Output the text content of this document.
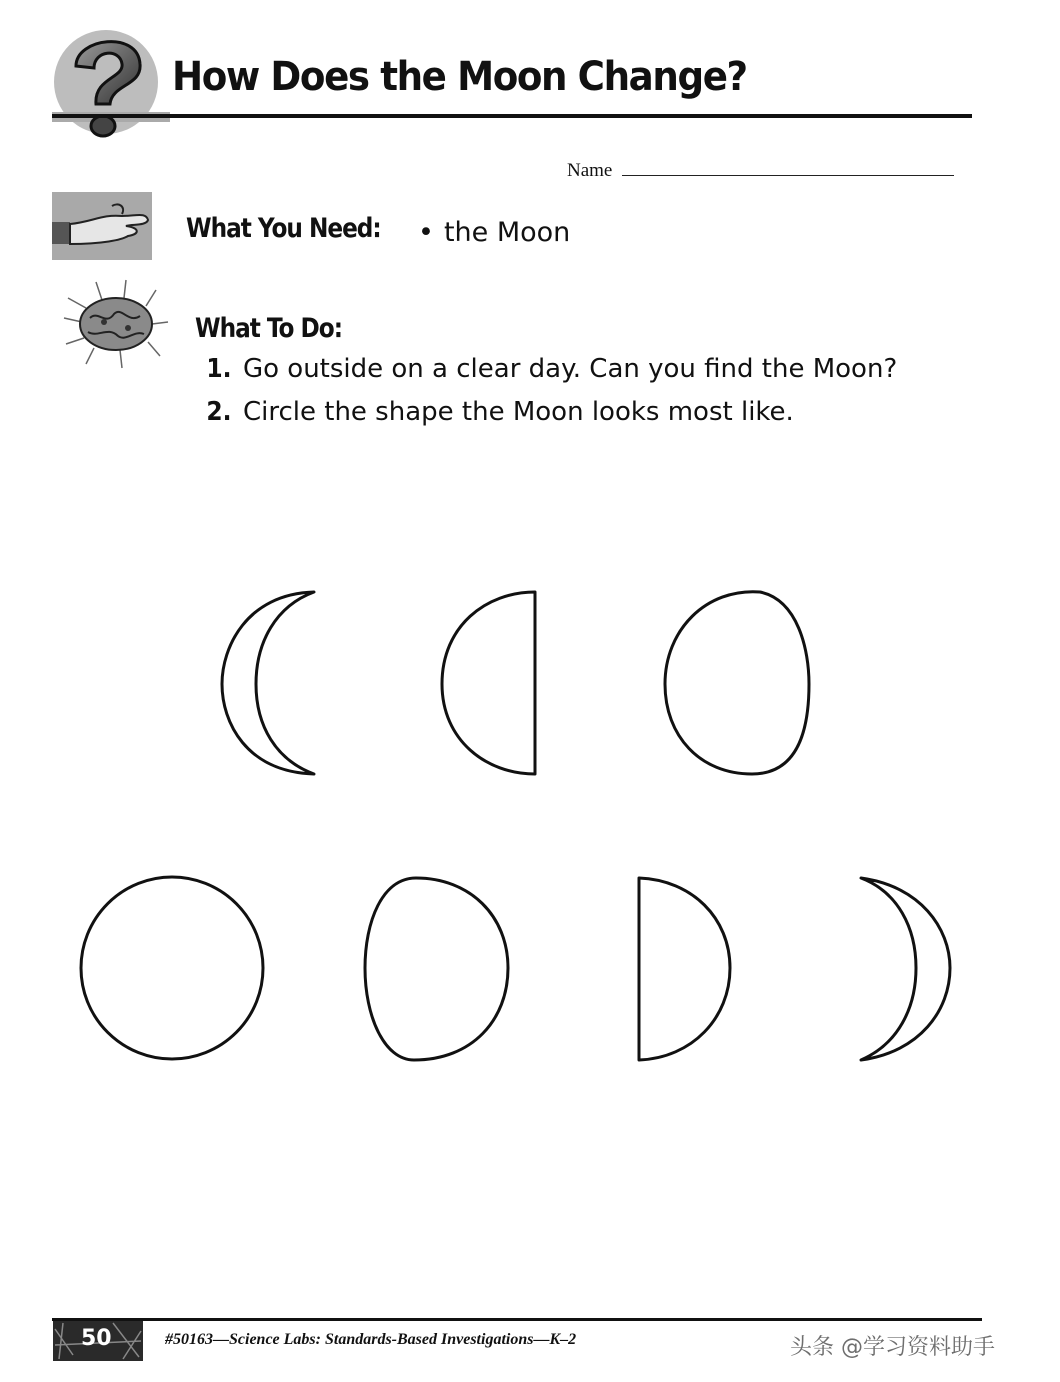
How Does the Moon Change?
Name
What You Need: • the Moon
What To Do:
1. Go outside on a clear day. Can you find the Moon?
2. Circle the shape the Moon looks most like.
50	#50163—Science Labs: Standards-Based Investigations—K–2	头条 @学习资料助手
